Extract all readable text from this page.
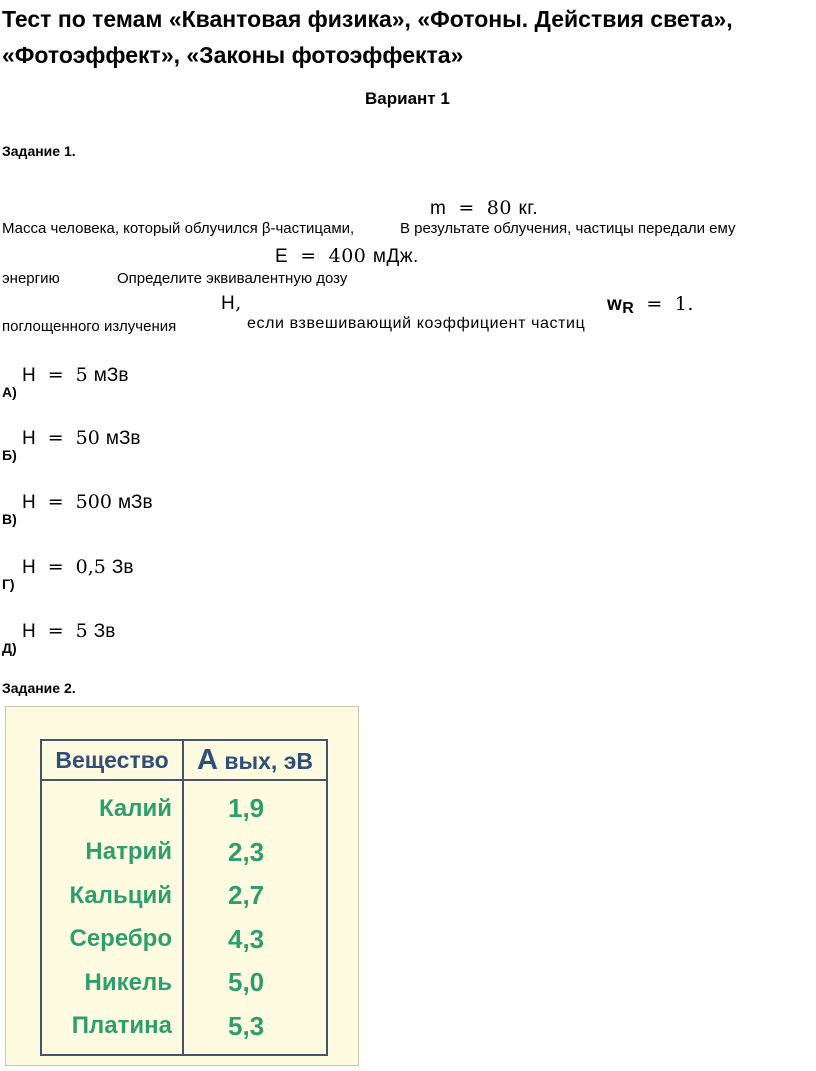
Тест по темам «Квантовая физика», «Фотоны. Действия света»,
«Фотоэффект», «Законы фотоэффекта»
Вариант 1
Задание 1.
m = 80 кг.
Масса человека, который облучился β-частицами,	В результате облучения, частицы передали ему
E = 400 мДж.
энергию	Определите эквивалентную дозу
H,	wR = 1.
поглощенного излучения	если взвешивающий коэффициент частиц
H = 5 мЗв
А)
H = 50 мЗв
Б)
H = 500 мЗв
В)
H = 0,5 Зв
Г)
H = 5 Зв
Д)
Задание 2.
Вещество	А вых, эВ
Калий	1,9
Натрий	2,3
Кальций	2,7
Серебро	4,3
Никель	5,0
Платина	5,3
